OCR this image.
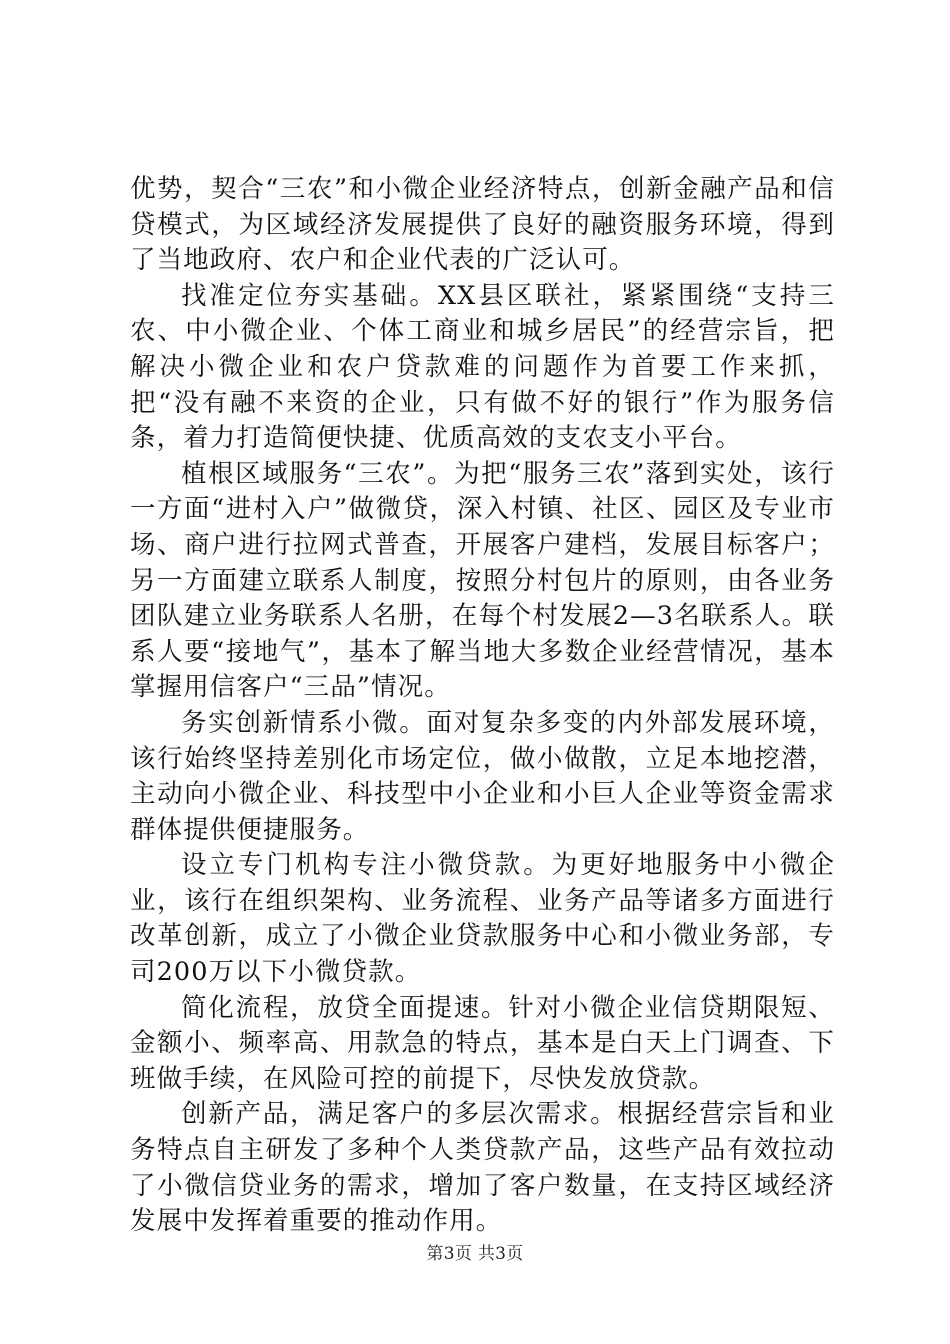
优势，契合“三农”和小微企业经济特点，创新金融产品和信贷模式，为区域经济发展提供了良好的融资服务环境，得到了当地政府、农户和企业代表的广泛认可。

找准定位夯实基础。XX县区联社，紧紧围绕“支持三农、中小微企业、个体工商业和城乡居民”的经营宗旨，把解决小微企业和农户贷款难的问题作为首要工作来抓，把“没有融不来资的企业，只有做不好的银行”作为服务信条，着力打造简便快捷、优质高效的支农支小平台。

植根区域服务“三农”。为把“服务三农”落到实处，该行一方面“进村入户”做微贷，深入村镇、社区、园区及专业市场、商户进行拉网式普查，开展客户建档，发展目标客户；另一方面建立联系人制度，按照分村包片的原则，由各业务团队建立业务联系人名册，在每个村发展2—3名联系人。联系人要“接地气”，基本了解当地大多数企业经营情况，基本掌握用信客户“三品”情况。

务实创新情系小微。面对复杂多变的内外部发展环境，该行始终坚持差别化市场定位，做小做散，立足本地挖潜，主动向小微企业、科技型中小企业和小巨人企业等资金需求群体提供便捷服务。

设立专门机构专注小微贷款。为更好地服务中小微企业，该行在组织架构、业务流程、业务产品等诸多方面进行改革创新，成立了小微企业贷款服务中心和小微业务部，专司200万以下小微贷款。

简化流程，放贷全面提速。针对小微企业信贷期限短、金额小、频率高、用款急的特点，基本是白天上门调查、下班做手续，在风险可控的前提下，尽快发放贷款。

创新产品，满足客户的多层次需求。根据经营宗旨和业务特点自主研发了多种个人类贷款产品，这些产品有效拉动了小微信贷业务的需求，增加了客户数量，在支持区域经济发展中发挥着重要的推动作用。

第3页 共3页
